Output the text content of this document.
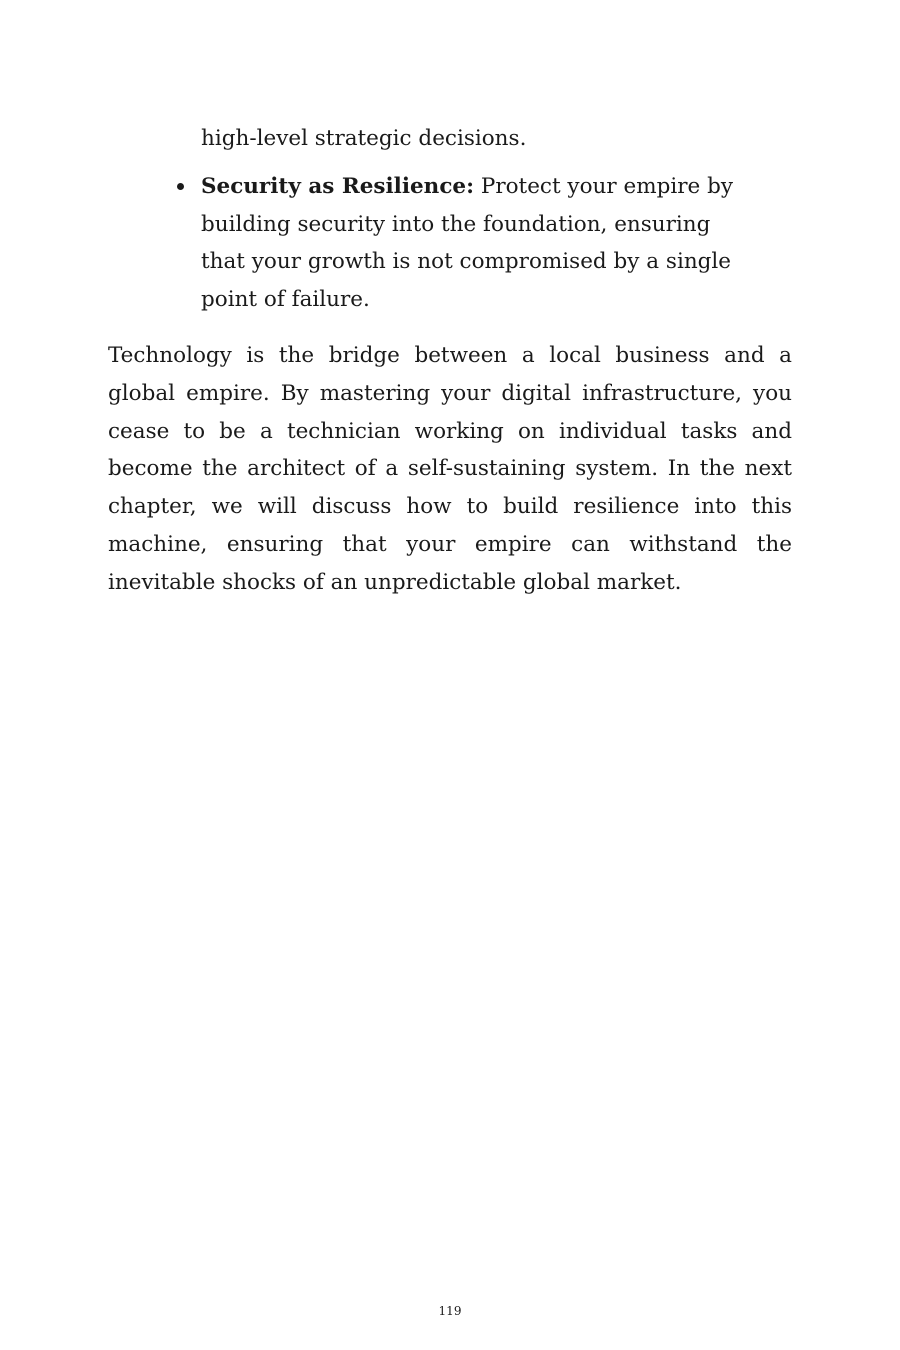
high-level strategic decisions.

Security as Resilience: Protect your empire by building security into the foundation, ensuring that your growth is not compromised by a single point of failure.

Technology is the bridge between a local business and a global empire. By mastering your digital infrastructure, you cease to be a technician working on individual tasks and become the architect of a self-sustaining system. In the next chapter, we will discuss how to build resilience into this machine, ensuring that your empire can withstand the inevitable shocks of an unpredictable global market.

119
